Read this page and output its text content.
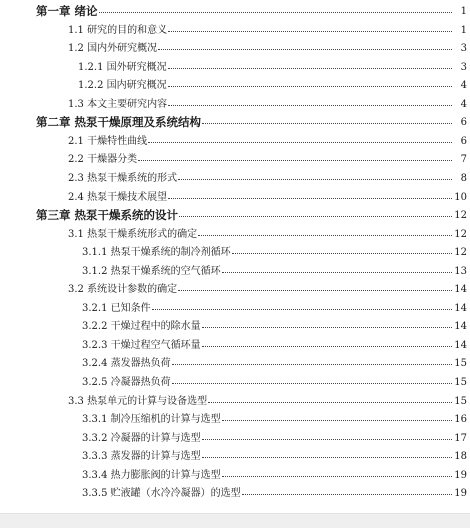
第一章 绪论	1
1.1 研究的目的和意义	1
1.2 国内外研究概况	3
1.2.1 国外研究概况	3
1.2.2 国内研究概况	4
1.3 本文主要研究内容	4
第二章 热泵干燥原理及系统结构	6
2.1 干燥特性曲线	6
2.2 干燥器分类	7
2.3 热泵干燥系统的形式	8
2.4 热泵干燥技术展望	10
第三章 热泵干燥系统的设计	12
3.1 热泵干燥系统形式的确定	12
3.1.1 热泵干燥系统的制冷剂循环	12
3.1.2 热泵干燥系统的空气循环	13
3.2 系统设计参数的确定	14
3.2.1 已知条件	14
3.2.2 干燥过程中的除水量	14
3.2.3 干燥过程空气循环量	14
3.2.4 蒸发器热负荷	15
3.2.5 冷凝器热负荷	15
3.3 热泵单元的计算与设备选型	15
3.3.1 制冷压缩机的计算与选型	16
3.3.2 冷凝器的计算与选型	17
3.3.3 蒸发器的计算与选型	18
3.3.4 热力膨胀阀的计算与选型	19
3.3.5 贮液罐（水冷冷凝器）的选型	19
